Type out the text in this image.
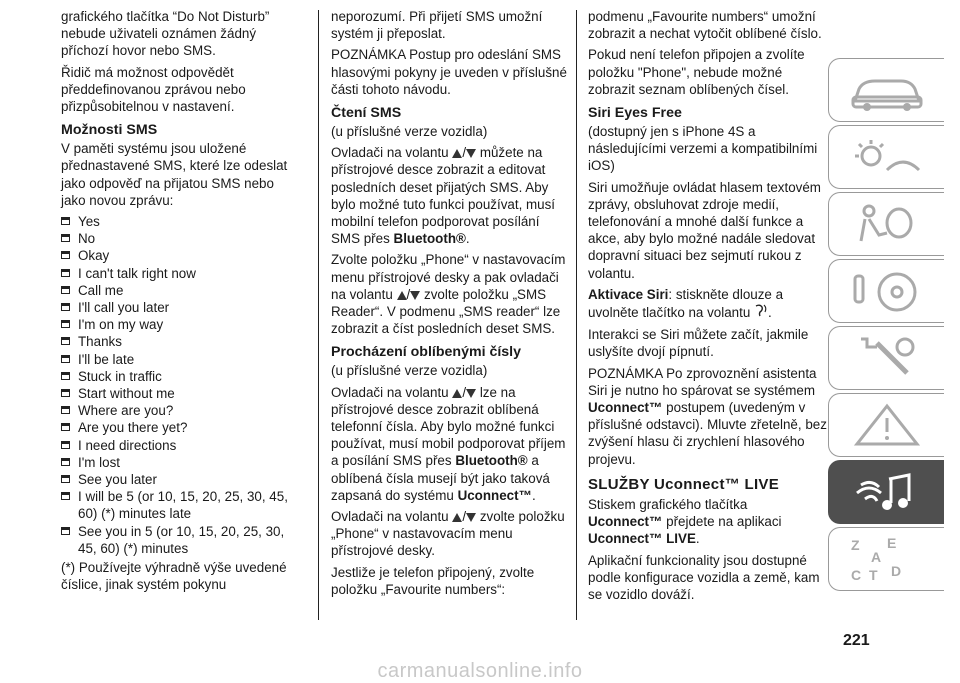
grafického tlačítka “Do Not Disturb” nebude uživateli oznámen žádný příchozí hovor nebo SMS.

Řidič má možnost odpovědět předdefinovanou zprávou nebo přizpůsobitelnou v nastavení.

Možnosti SMS

V paměti systému jsou uložené přednastavené SMS, které lze odeslat jako odpověď na přijatou SMS nebo jako novou zprávu:

Yes
No
Okay
I can't talk right now
Call me
I'll call you later
I'm on my way
Thanks
I'll be late
Stuck in traffic
Start without me
Where are you?
Are you there yet?
I need directions
I'm lost
See you later
I will be 5 (or 10, 15, 20, 25, 30, 45, 60) (*) minutes late
See you in 5 (or 10, 15, 20, 25, 30, 45, 60) (*) minutes

(*) Používejte výhradně výše uvedené číslice, jinak systém pokynu

neporozumí. Při přijetí SMS umožní systém ji přeposlat.

POZNÁMKA Postup pro odeslání SMS hlasovými pokyny je uveden v příslušné části tohoto návodu.

Čtení SMS

(u příslušné verze vozidla)

Ovladači na volantu / můžete na přístrojové desce zobrazit a editovat posledních deset přijatých SMS. Aby bylo možné tuto funkci používat, musí mobilní telefon podporovat posílání SMS přes Bluetooth®.

Zvolte položku „Phone“ v nastavovacím menu přístrojové desky a pak ovladači na volantu / zvolte položku „SMS Reader“. V podmenu „SMS reader“ lze zobrazit a číst posledních deset SMS.

Procházení oblíbenými čísly

(u příslušné verze vozidla)

Ovladači na volantu / lze na přístrojové desce zobrazit oblíbená telefonní čísla. Aby bylo možné funkci používat, musí mobil podporovat příjem a posílání SMS přes Bluetooth® a oblíbená čísla musejí být jako taková zapsaná do systému Uconnect™.

Ovladači na volantu / zvolte položku „Phone“ v nastavovacím menu přístrojové desky.

Jestliže je telefon připojený, zvolte položku „Favourite numbers“:

podmenu „Favourite numbers“ umožní zobrazit a nechat vytočit oblíbené číslo.

Pokud není telefon připojen a zvolíte položku "Phone", nebude možné zobrazit seznam oblíbených čísel.

Siri Eyes Free

(dostupný jen s iPhone 4S a následujícími verzemi a kompatibilními iOS)

Siri umožňuje ovládat hlasem textovém zprávy, obsluhovat zdroje medií, telefonování a mnohé další funkce a akce, aby bylo možné nadále sledovat dopravní situaci bez sejmutí rukou z volantu.

Aktivace Siri: stiskněte dlouze a uvolněte tlačítko na volantu .

Interakci se Siri můžete začít, jakmile uslyšíte dvojí pípnutí.

POZNÁMKA Po zprovoznění asistenta Siri je nutno ho spárovat se systémem Uconnect™ postupem (uvedeným v příslušné odstavci). Mluvte zřetelně, bez zvýšení hlasu či zrychlení hlasového projevu.

SLUŽBY Uconnect™ LIVE

Stiskem grafického tlačítka
Uconnect™ přejdete na aplikaci
Uconnect™ LIVE.

Aplikační funkcionality jsou dostupné podle konfigurace vozidla a země, kam se vozidlo dováží.

Z E
A
C T D
221
carmanualsonline.info
